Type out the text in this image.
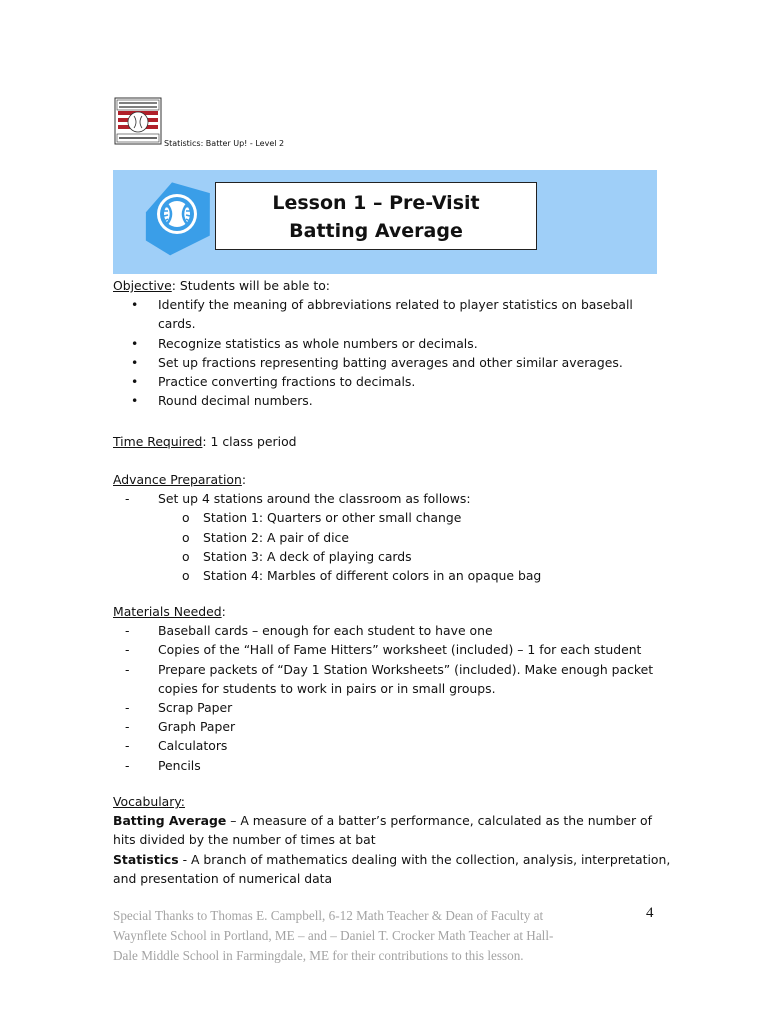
Statistics: Batter Up! - Level 2
Lesson 1 – Pre-Visit
Batting Average
Objective: Students will be able to:
• Identify the meaning of abbreviations related to player statistics on baseball
cards.
• Recognize statistics as whole numbers or decimals.
• Set up fractions representing batting averages and other similar averages.
• Practice converting fractions to decimals.
• Round decimal numbers.
Time Required: 1 class period
Advance Preparation:
- Set up 4 stations around the classroom as follows:
o Station 1: Quarters or other small change
o Station 2: A pair of dice
o Station 3: A deck of playing cards
o Station 4: Marbles of different colors in an opaque bag
Materials Needed:
- Baseball cards – enough for each student to have one
- Copies of the “Hall of Fame Hitters” worksheet (included) – 1 for each student
- Prepare packets of “Day 1 Station Worksheets” (included). Make enough packet
copies for students to work in pairs or in small groups.
- Scrap Paper
- Graph Paper
- Calculators
- Pencils
Vocabulary:
Batting Average – A measure of a batter’s performance, calculated as the number of
hits divided by the number of times at bat
Statistics - A branch of mathematics dealing with the collection, analysis, interpretation,
and presentation of numerical data
Special Thanks to Thomas E. Campbell, 6-12 Math Teacher & Dean of Faculty at
Waynflete School in Portland, ME – and – Daniel T. Crocker Math Teacher at Hall-
Dale Middle School in Farmingdale, ME for their contributions to this lesson.
4
